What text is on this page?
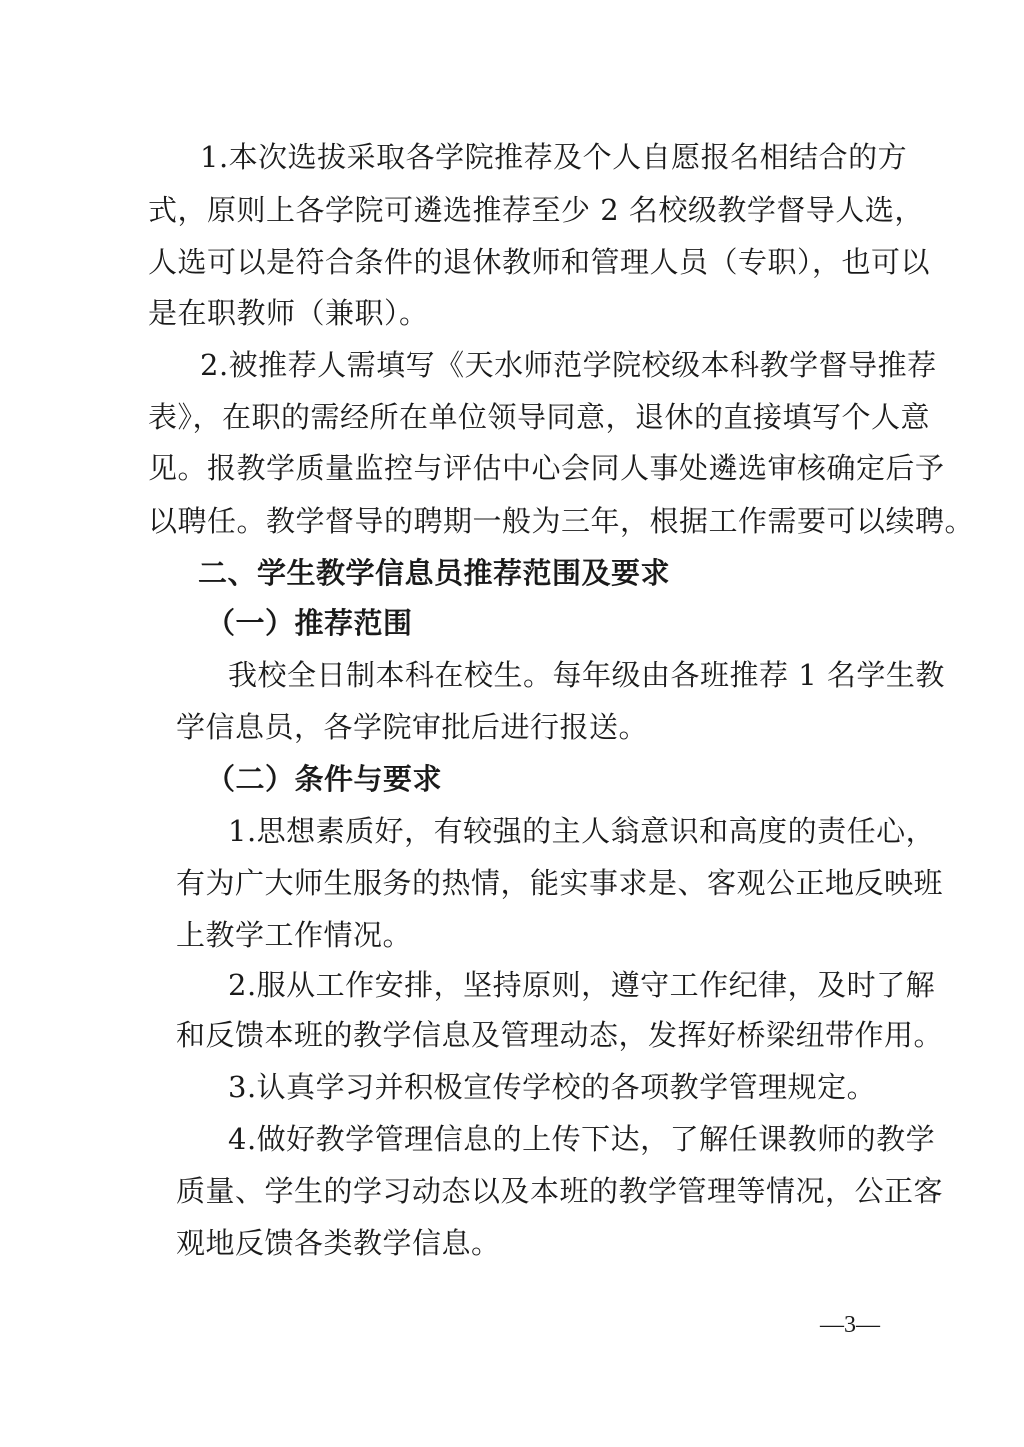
1.本次选拔采取各学院推荐及个人自愿报名相结合的方
式，原则上各学院可遴选推荐至少 2 名校级教学督导人选，
人选可以是符合条件的退休教师和管理人员（专职），也可以
是在职教师（兼职）。
2.被推荐人需填写《天水师范学院校级本科教学督导推荐
表》，在职的需经所在单位领导同意，退休的直接填写个人意
见。报教学质量监控与评估中心会同人事处遴选审核确定后予
以聘任。教学督导的聘期一般为三年，根据工作需要可以续聘。
二、学生教学信息员推荐范围及要求
（一）推荐范围
我校全日制本科在校生。每年级由各班推荐 1 名学生教
学信息员，各学院审批后进行报送。
（二）条件与要求
1.思想素质好，有较强的主人翁意识和高度的责任心，
有为广大师生服务的热情，能实事求是、客观公正地反映班
上教学工作情况。
2.服从工作安排，坚持原则，遵守工作纪律，及时了解
和反馈本班的教学信息及管理动态，发挥好桥梁纽带作用。
3.认真学习并积极宣传学校的各项教学管理规定。
4.做好教学管理信息的上传下达，了解任课教师的教学
质量、学生的学习动态以及本班的教学管理等情况，公正客
观地反馈各类教学信息。
—3—
